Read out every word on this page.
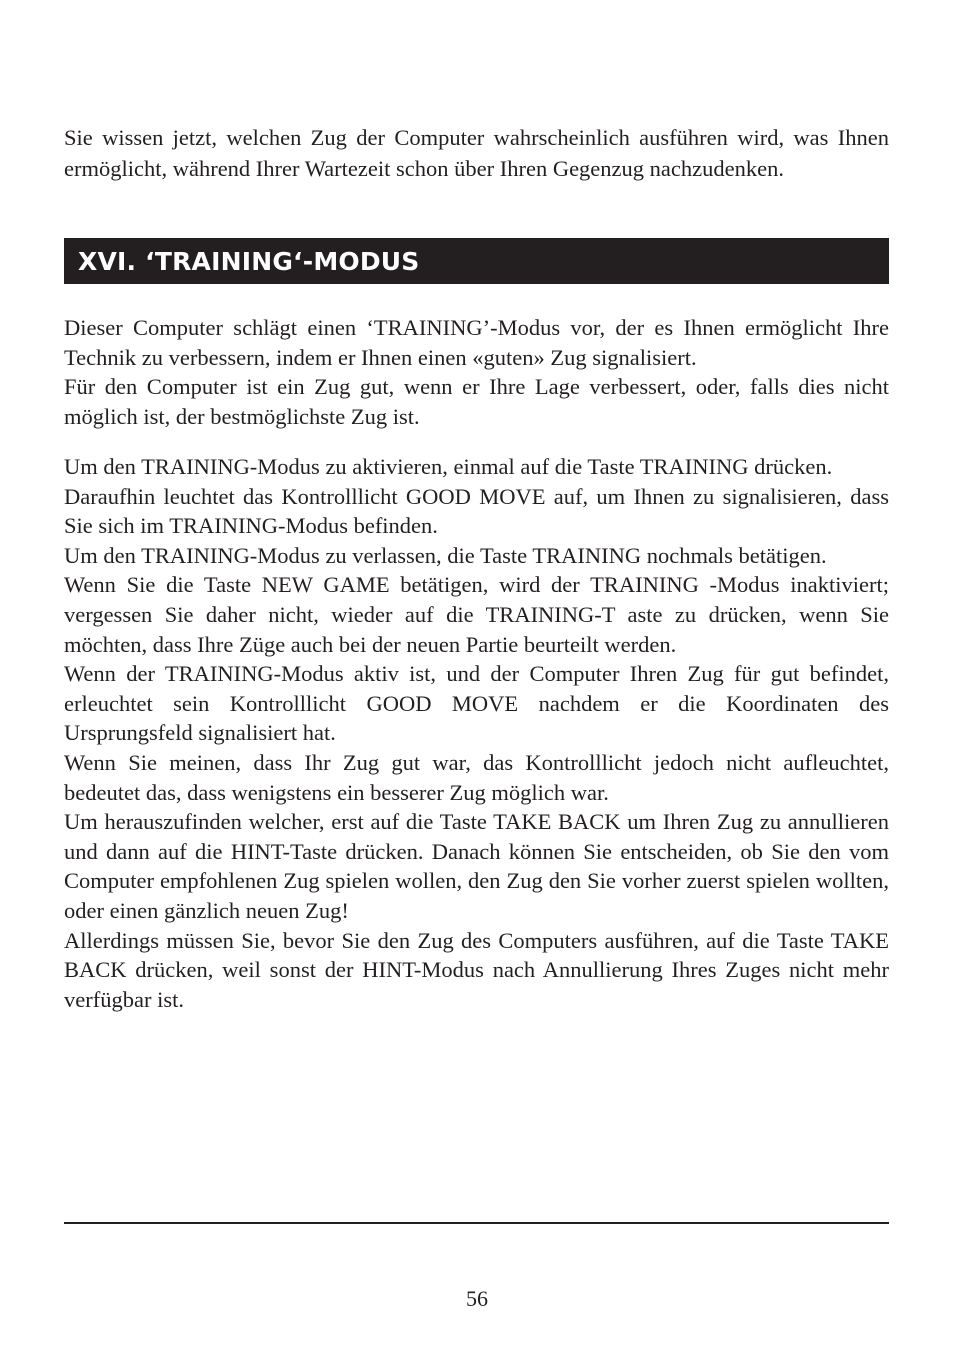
Sie wissen jetzt, welchen Zug der Computer wahrscheinlich ausführen wird, was Ihnen ermöglicht, während Ihrer Wartezeit schon über Ihren Gegenzug nachzudenken.

XVI. ‘TRAINING‘-MODUS

Dieser Computer schlägt einen ‘TRAINING’-Modus vor, der es Ihnen ermöglicht Ihre Technik zu verbessern, indem er Ihnen einen «guten» Zug signalisiert.

Für den Computer ist ein Zug gut, wenn er Ihre Lage verbessert, oder, falls dies nicht möglich ist, der bestmöglichste Zug ist.

Um den TRAINING-Modus zu aktivieren, einmal auf die Taste TRAINING drücken.

Daraufhin leuchtet das Kontrolllicht GOOD MOVE auf, um Ihnen zu signalisieren, dass Sie sich im TRAINING-Modus befinden.

Um den TRAINING-Modus zu verlassen, die Taste TRAINING nochmals betätigen.

Wenn Sie die Taste NEW GAME betätigen, wird der TRAINING -Modus inaktiviert; vergessen Sie daher nicht, wieder auf die TRAINING-T aste zu drücken, wenn Sie möchten, dass Ihre Züge auch bei der neuen Partie beurteilt werden.

Wenn der TRAINING-Modus aktiv ist, und der Computer Ihren Zug für gut befindet, erleuchtet sein Kontrolllicht GOOD MOVE nachdem er die Koordinaten des Ursprungsfeld signalisiert hat.

Wenn Sie meinen, dass Ihr Zug gut war, das Kontrolllicht jedoch nicht aufleuchtet, bedeutet das, dass wenigstens ein besserer Zug möglich war.

Um herauszufinden welcher, erst auf die Taste TAKE BACK um Ihren Zug zu annullieren und dann auf die HINT-Taste drücken. Danach können Sie entscheiden, ob Sie den vom Computer empfohlenen Zug spielen wollen, den Zug den Sie vorher zuerst spielen wollten, oder einen gänzlich neuen Zug!

Allerdings müssen Sie, bevor Sie den Zug des Computers ausführen, auf die Taste TAKE BACK drücken, weil sonst der HINT-Modus nach Annullierung Ihres Zuges nicht mehr verfügbar ist.

56
